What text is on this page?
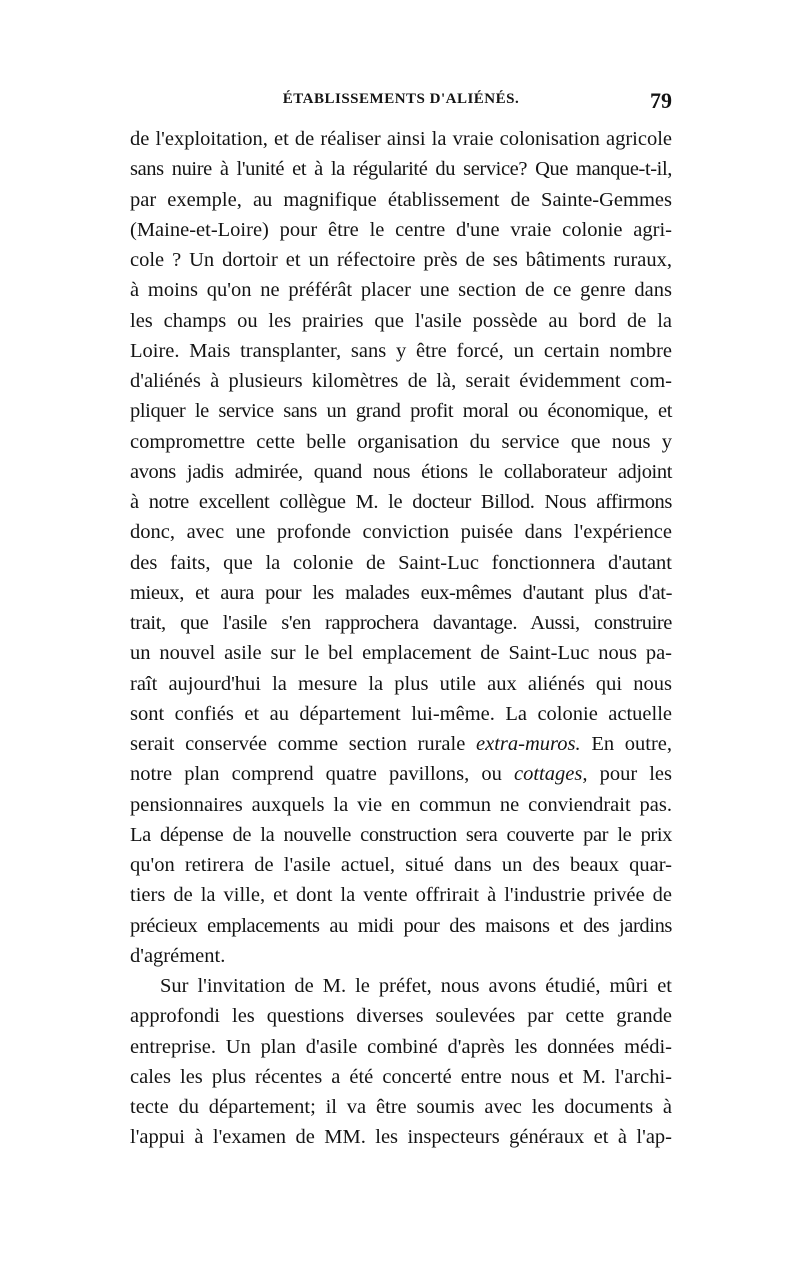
ÉTABLISSEMENTS D'ALIÉNÉS.	79
de l'exploitation, et de réaliser ainsi la vraie colonisation agricole
sans nuire à l'unité et à la régularité du service? Que manque-t-il,
par exemple, au magnifique établissement de Sainte-Gemmes
(Maine-et-Loire) pour être le centre d'une vraie colonie agri-
cole ? Un dortoir et un réfectoire près de ses bâtiments ruraux,
à moins qu'on ne préférât placer une section de ce genre dans
les champs ou les prairies que l'asile possède au bord de la
Loire. Mais transplanter, sans y être forcé, un certain nombre
d'aliénés à plusieurs kilomètres de là, serait évidemment com-
pliquer le service sans un grand profit moral ou économique, et
compromettre cette belle organisation du service que nous y
avons jadis admirée, quand nous étions le collaborateur adjoint
à notre excellent collègue M. le docteur Billod. Nous affirmons
donc, avec une profonde conviction puisée dans l'expérience
des faits, que la colonie de Saint-Luc fonctionnera d'autant
mieux, et aura pour les malades eux-mêmes d'autant plus d'at-
trait, que l'asile s'en rapprochera davantage. Aussi, construire
un nouvel asile sur le bel emplacement de Saint-Luc nous pa-
raît aujourd'hui la mesure la plus utile aux aliénés qui nous
sont confiés et au département lui-même. La colonie actuelle
serait conservée comme section rurale extra-muros. En outre,
notre plan comprend quatre pavillons, ou cottages, pour les
pensionnaires auxquels la vie en commun ne conviendrait pas.
La dépense de la nouvelle construction sera couverte par le prix
qu'on retirera de l'asile actuel, situé dans un des beaux quar-
tiers de la ville, et dont la vente offrirait à l'industrie privée de
précieux emplacements au midi pour des maisons et des jardins
d'agrément.
Sur l'invitation de M. le préfet, nous avons étudié, mûri et
approfondi les questions diverses soulevées par cette grande
entreprise. Un plan d'asile combiné d'après les données médi-
cales les plus récentes a été concerté entre nous et M. l'archi-
tecte du département; il va être soumis avec les documents à
l'appui à l'examen de MM. les inspecteurs généraux et à l'ap-
